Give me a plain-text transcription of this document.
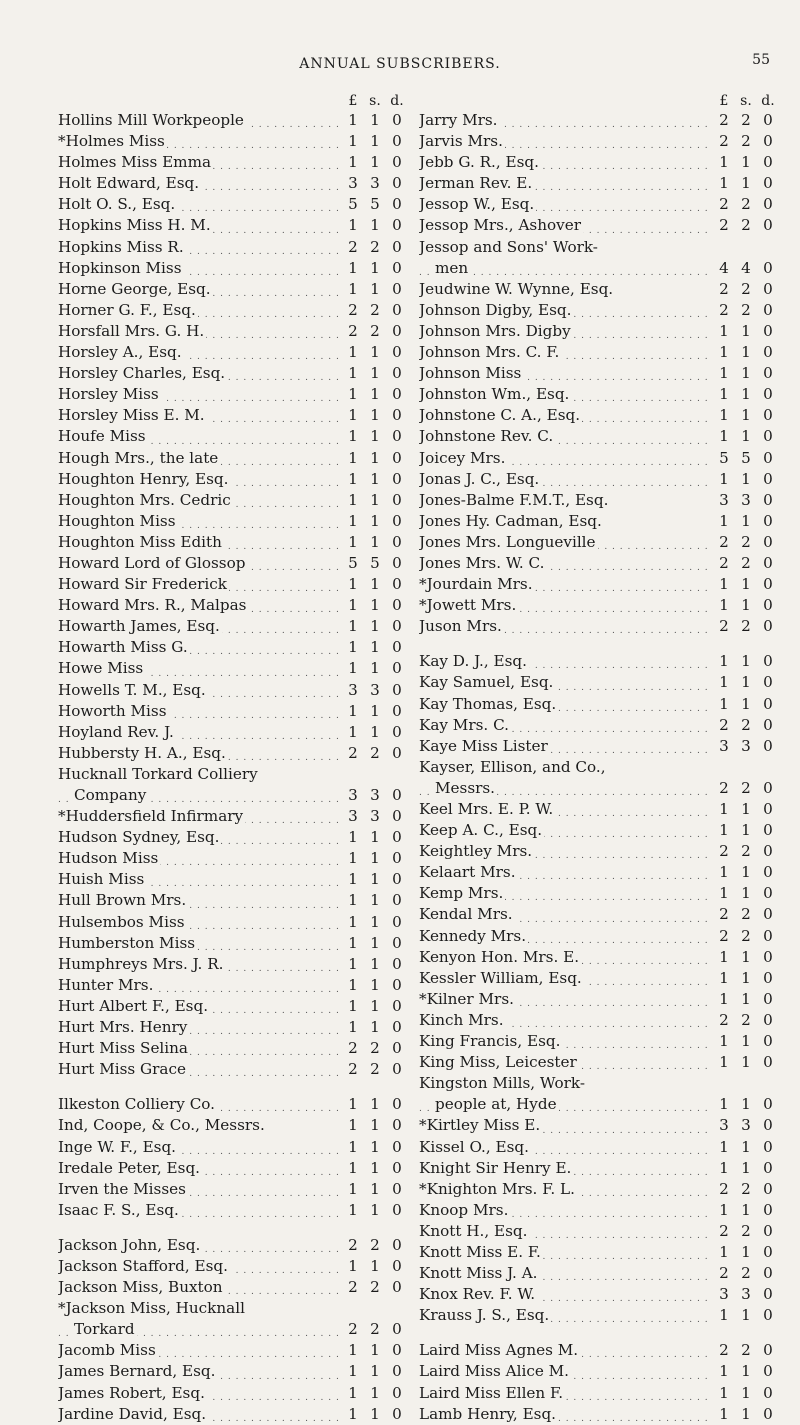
ANNUAL SUBSCRIBERS.	55
£ s. d.
Hollins Mill Workpeople . . .	1 1 0
*Holmes Miss . . .	1 1 0
Holmes Miss Emma . . .	1 1 0
Holt Edward, Esq. . . .	3 3 0
Holt O. S., Esq. . . .	5 5 0
Hopkins Miss H. M. . . .	1 1 0
Hopkins Miss R. . . .	2 2 0
Hopkinson Miss . . .	1 1 0
Horne George, Esq. . . .	1 1 0
Horner G. F., Esq. . . .	2 2 0
Horsfall Mrs. G. H. . . .	2 2 0
Horsley A., Esq. . . .	1 1 0
Horsley Charles, Esq. . . .	1 1 0
Horsley Miss . . .	1 1 0
Horsley Miss E. M. . . .	1 1 0
Houfe Miss . . .	1 1 0
Hough Mrs., the late . . .	1 1 0
Houghton Henry, Esq. . . .	1 1 0
Houghton Mrs. Cedric . . .	1 1 0
Houghton Miss . . .	1 1 0
Houghton Miss Edith . . .	1 1 0
Howard Lord of Glossop . . .	5 5 0
Howard Sir Frederick . . .	1 1 0
Howard Mrs. R., Malpas . . .	1 1 0
Howarth James, Esq. . . .	1 1 0
Howarth Miss G. . . .	1 1 0
Howe Miss . . .	1 1 0
Howells T. M., Esq. . . .	3 3 0
Howorth Miss . . .	1 1 0
Hoyland Rev. J. . . .	1 1 0
Hubbersty H. A., Esq. . . .	2 2 0
Hucknall Torkard Colliery
Company . . .	3 3 0
*Huddersfield Infirmary . . .	3 3 0
Hudson Sydney, Esq. . . .	1 1 0
Hudson Miss . . .	1 1 0
Huish Miss . . .	1 1 0
Hull Brown Mrs. . . .	1 1 0
Hulsembos Miss . . .	1 1 0
Humberston Miss . . .	1 1 0
Humphreys Mrs. J. R. . . .	1 1 0
Hunter Mrs. . . .	1 1 0
Hurt Albert F., Esq. . . .	1 1 0
Hurt Mrs. Henry . . .	1 1 0
Hurt Miss Selina . . .	2 2 0
Hurt Miss Grace . . .	2 2 0
Ilkeston Colliery Co. . . .	1 1 0
Ind, Coope, & Co., Messrs.	1 1 0
Inge W. F., Esq. . . .	1 1 0
Iredale Peter, Esq. . . .	1 1 0
Irven the Misses . . .	1 1 0
Isaac F. S., Esq. . . .	1 1 0
Jackson John, Esq. . . .	2 2 0
Jackson Stafford, Esq. . . .	1 1 0
Jackson Miss, Buxton . . .	2 2 0
*Jackson Miss, Hucknall
Torkard . . .	2 2 0
Jacomb Miss . . .	1 1 0
James Bernard, Esq. . . .	1 1 0
James Robert, Esq. . . .	1 1 0
Jardine David, Esq. . . .	1 1 0
£ s. d.
Jarry Mrs. . . .	2 2 0
Jarvis Mrs. . . .	2 2 0
Jebb G. R., Esq. . . .	1 1 0
Jerman Rev. E. . . .	1 1 0
Jessop W., Esq. . . .	2 2 0
Jessop Mrs., Ashover . . .	2 2 0
Jessop and Sons' Work-
men . . .	4 4 0
Jeudwine W. Wynne, Esq.	2 2 0
Johnson Digby, Esq. . . .	2 2 0
Johnson Mrs. Digby . . .	1 1 0
Johnson Mrs. C. F. . . .	1 1 0
Johnson Miss . . .	1 1 0
Johnston Wm., Esq. . . .	1 1 0
Johnstone C. A., Esq. . . .	1 1 0
Johnstone Rev. C. . . .	1 1 0
Joicey Mrs. . . .	5 5 0
Jonas J. C., Esq. . . .	1 1 0
Jones-Balme F.M.T., Esq.	3 3 0
Jones Hy. Cadman, Esq.	1 1 0
Jones Mrs. Longueville . . .	2 2 0
Jones Mrs. W. C. . . .	2 2 0
*Jourdain Mrs. . . .	1 1 0
*Jowett Mrs. . . .	1 1 0
Juson Mrs. . . .	2 2 0
Kay D. J., Esq. . . .	1 1 0
Kay Samuel, Esq. . . .	1 1 0
Kay Thomas, Esq. . . .	1 1 0
Kay Mrs. C. . . .	2 2 0
Kaye Miss Lister . . .	3 3 0
Kayser, Ellison, and Co.,
Messrs. . . .	2 2 0
Keel Mrs. E. P. W. . . .	1 1 0
Keep A. C., Esq. . . .	1 1 0
Keightley Mrs. . . .	2 2 0
Kelaart Mrs. . . .	1 1 0
Kemp Mrs. . . .	1 1 0
Kendal Mrs. . . .	2 2 0
Kennedy Mrs. . . .	2 2 0
Kenyon Hon. Mrs. E. . . .	1 1 0
Kessler William, Esq. . . .	1 1 0
*Kilner Mrs. . . .	1 1 0
Kinch Mrs. . . .	2 2 0
King Francis, Esq. . . .	1 1 0
King Miss, Leicester . . .	1 1 0
Kingston Mills, Work-
people at, Hyde . . .	1 1 0
*Kirtley Miss E. . . .	3 3 0
Kissel O., Esq. . . .	1 1 0
Knight Sir Henry E. . . .	1 1 0
*Knighton Mrs. F. L. . . .	2 2 0
Knoop Mrs. . . .	1 1 0
Knott H., Esq. . . .	2 2 0
Knott Miss E. F. . . .	1 1 0
Knott Miss J. A. . . .	2 2 0
Knox Rev. F. W. . . .	3 3 0
Krauss J. S., Esq. . . .	1 1 0
Laird Miss Agnes M. . . .	2 2 0
Laird Miss Alice M. . . .	1 1 0
Laird Miss Ellen F. . . .	1 1 0
Lamb Henry, Esq. . . .	1 1 0
